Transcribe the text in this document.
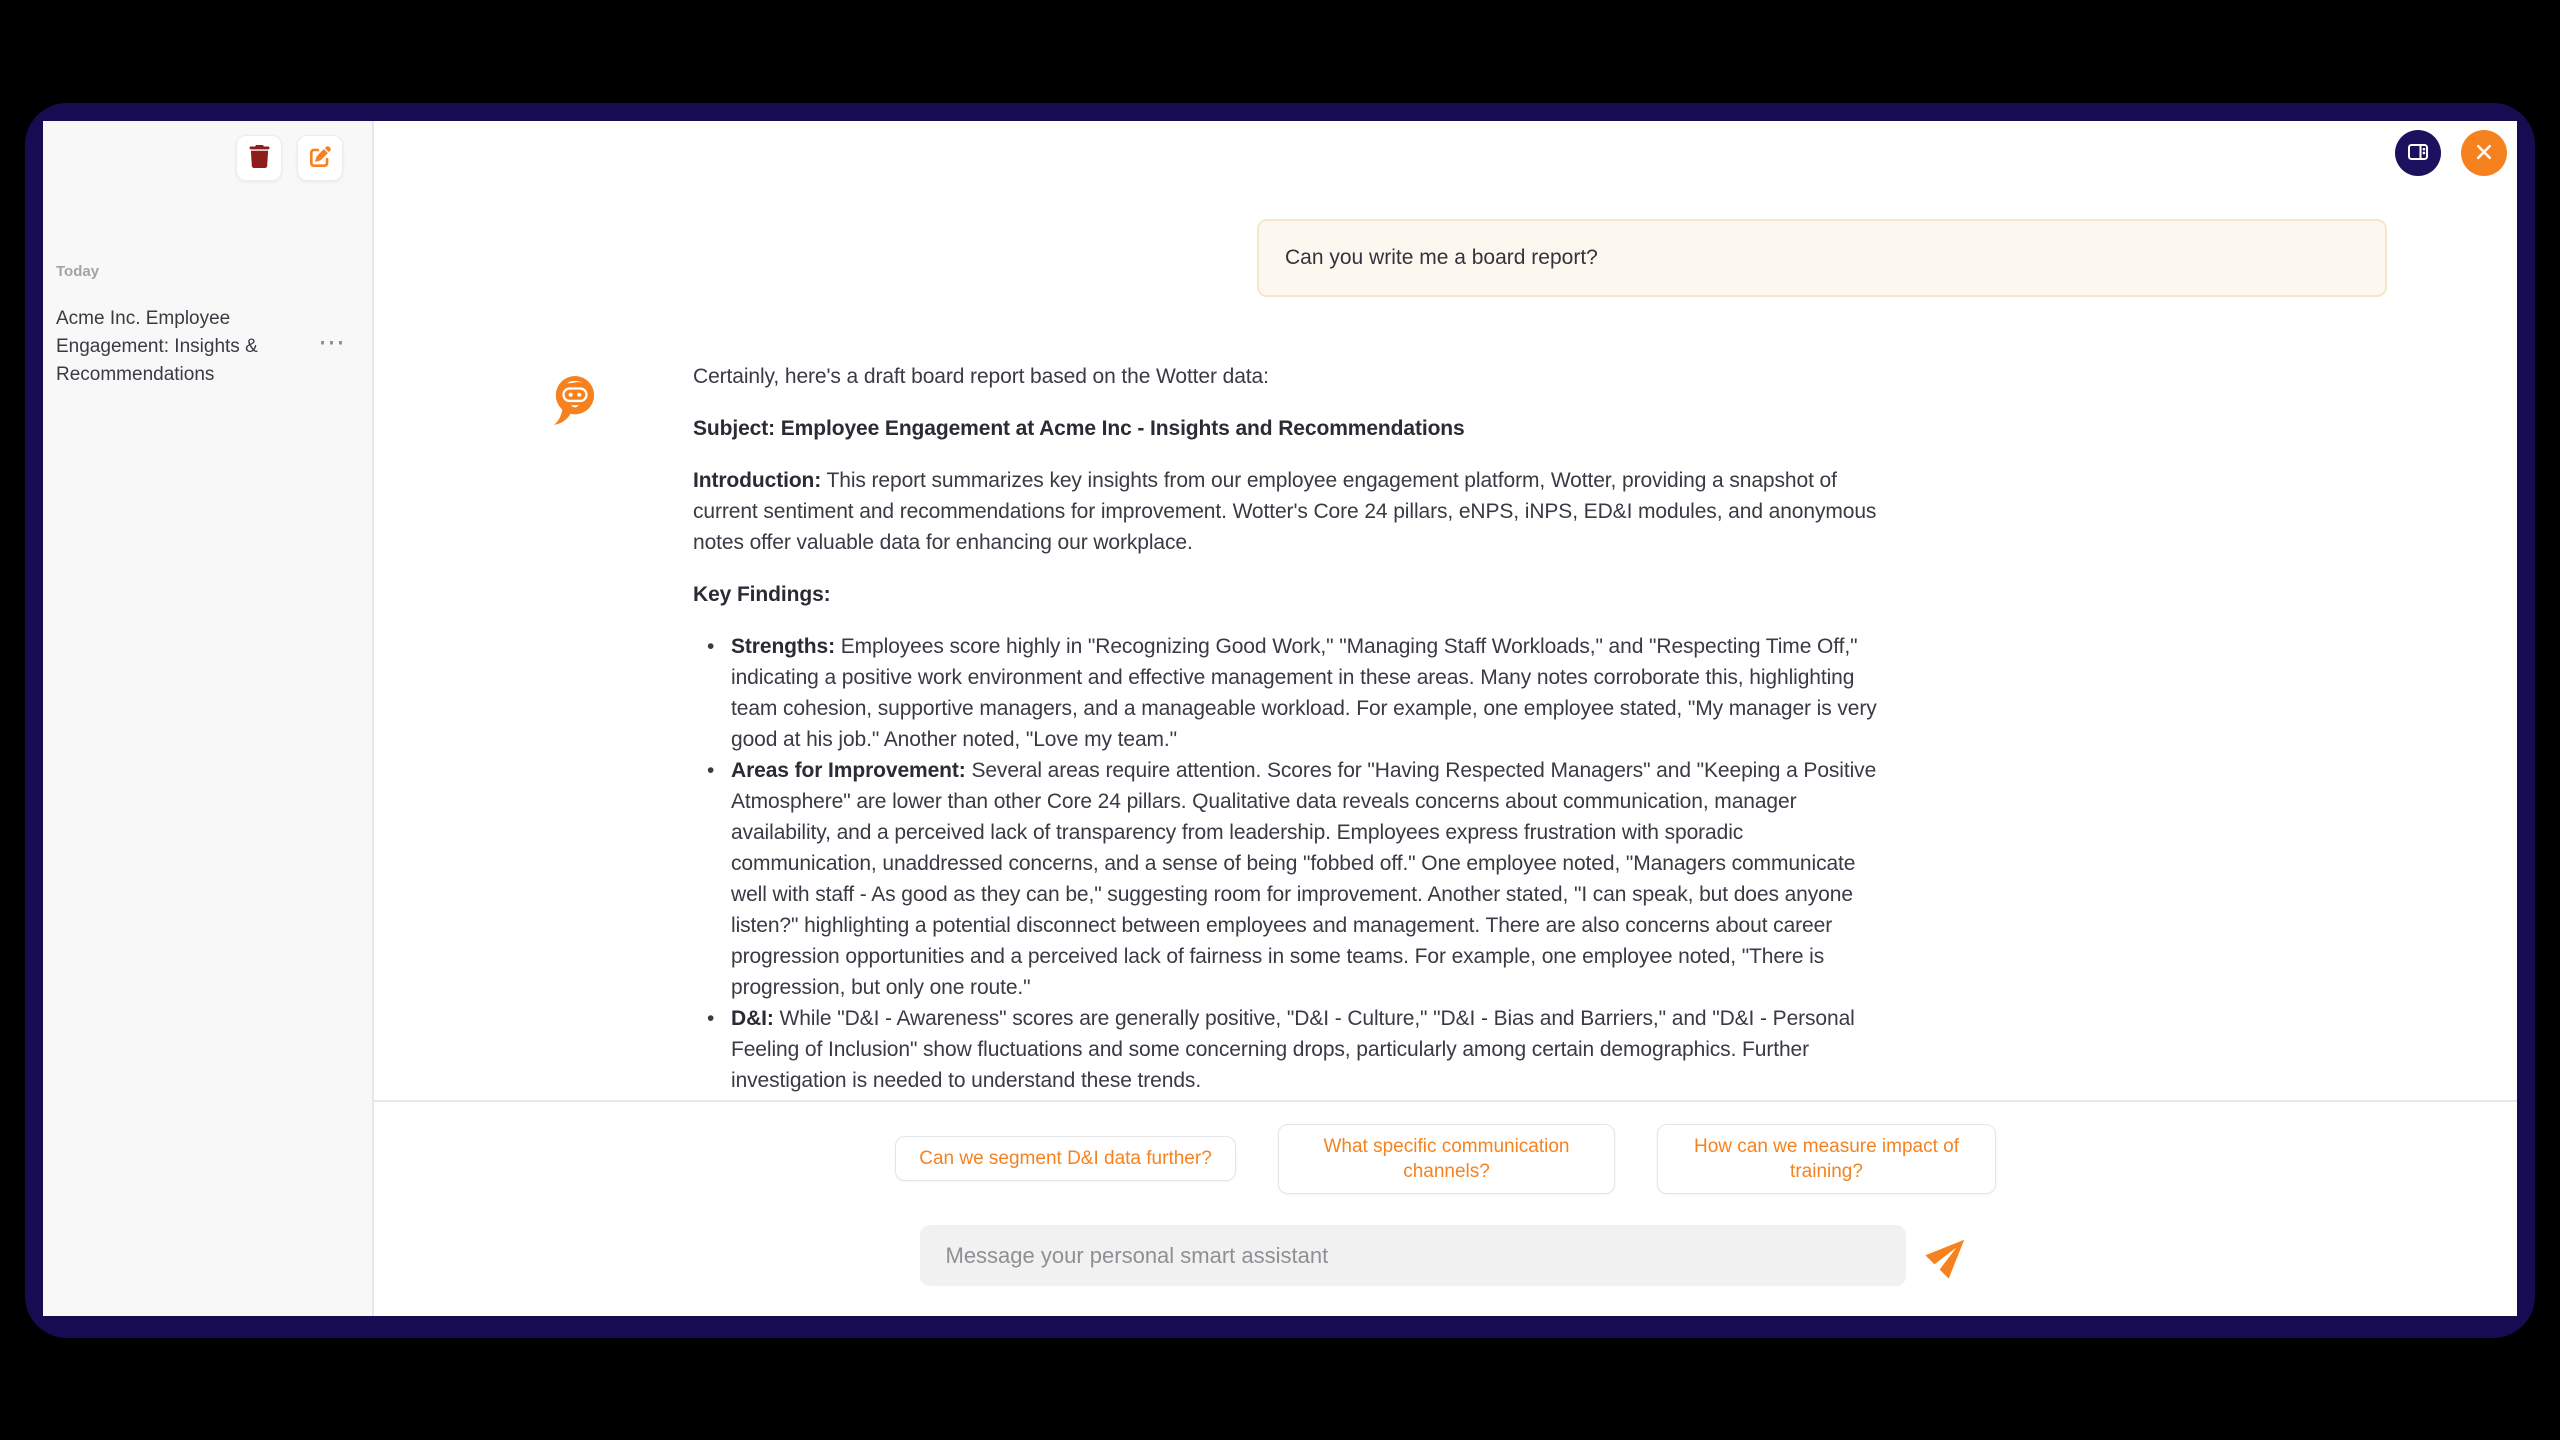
Today
Acme Inc. Employee Engagement: Insights & Recommendations
⋯
Can you write me a board report?
Certainly, here's a draft board report based on the Wotter data:
Subject: Employee Engagement at Acme Inc - Insights and Recommendations
Introduction: This report summarizes key insights from our employee engagement platform, Wotter, providing a snapshot of
current sentiment and recommendations for improvement. Wotter's Core 24 pillars, eNPS, iNPS, ED&I modules, and anonymous
notes offer valuable data for enhancing our workplace.
Key Findings:
• Strengths: Employees score highly in "Recognizing Good Work," "Managing Staff Workloads," and "Respecting Time Off,"
indicating a positive work environment and effective management in these areas. Many notes corroborate this, highlighting
team cohesion, supportive managers, and a manageable workload. For example, one employee stated, "My manager is very
good at his job." Another noted, "Love my team."
• Areas for Improvement: Several areas require attention. Scores for "Having Respected Managers" and "Keeping a Positive
Atmosphere" are lower than other Core 24 pillars. Qualitative data reveals concerns about communication, manager
availability, and a perceived lack of transparency from leadership. Employees express frustration with sporadic
communication, unaddressed concerns, and a sense of being "fobbed off." One employee noted, "Managers communicate
well with staff - As good as they can be," suggesting room for improvement. Another stated, "I can speak, but does anyone
listen?" highlighting a potential disconnect between employees and management. There are also concerns about career
progression opportunities and a perceived lack of fairness in some teams. For example, one employee noted, "There is
progression, but only one route."
• D&I: While "D&I - Awareness" scores are generally positive, "D&I - Culture," "D&I - Bias and Barriers," and "D&I - Personal
Feeling of Inclusion" show fluctuations and some concerning drops, particularly among certain demographics. Further
investigation is needed to understand these trends.
Can we segment D&I data further?
What specific communication channels?
How can we measure impact of training?
Message your personal smart assistant
